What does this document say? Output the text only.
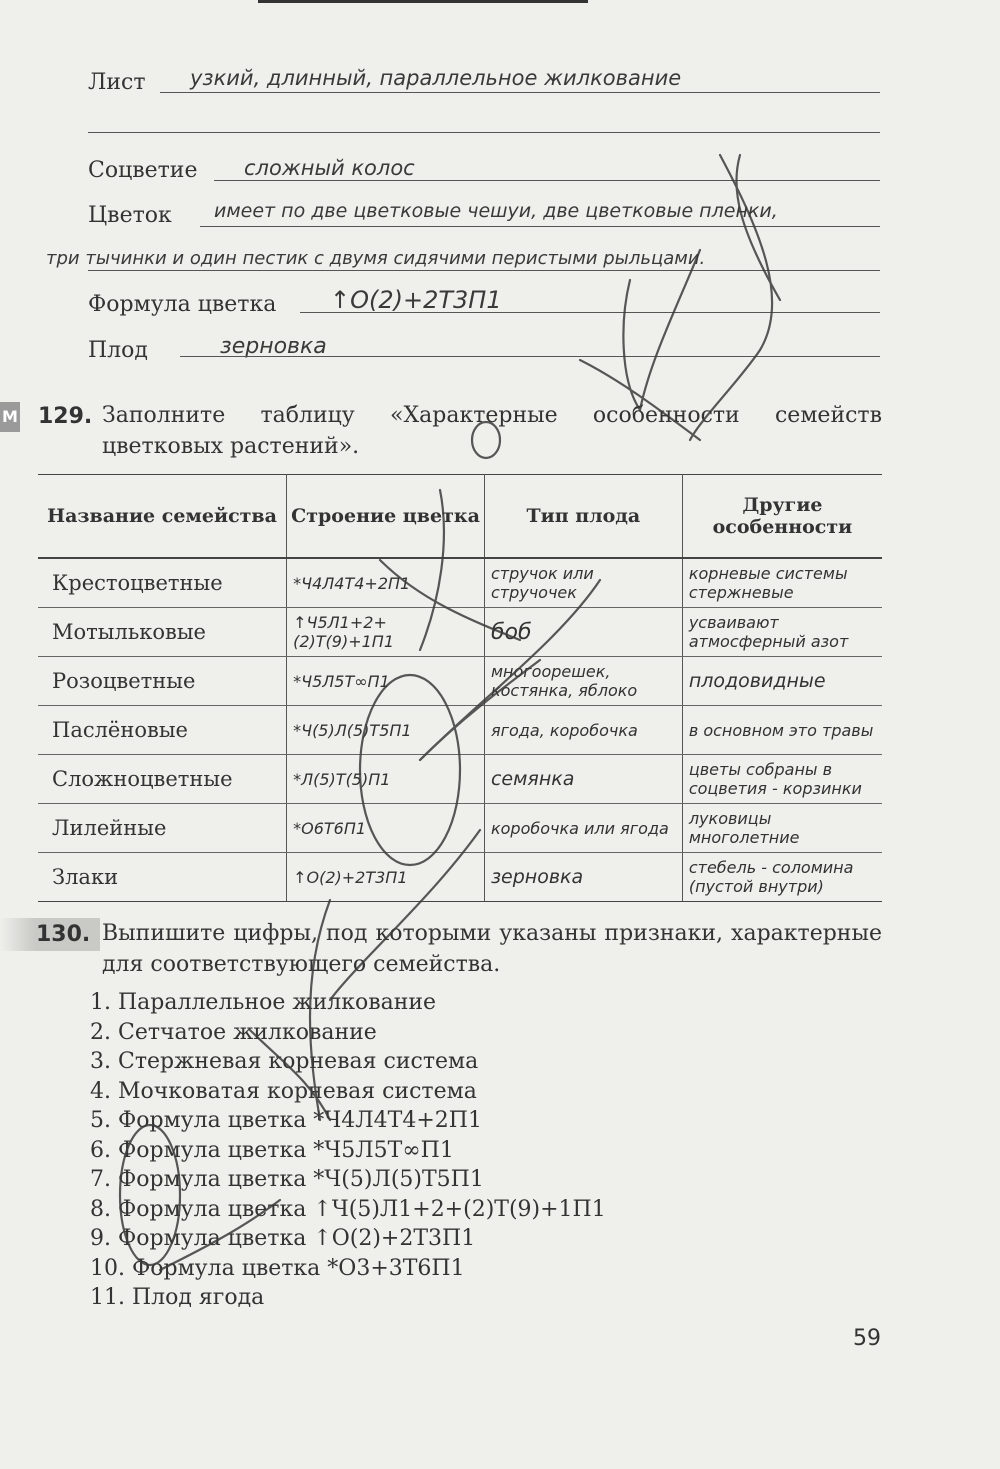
Лист узкий, длинный, параллельное жилкование
Соцветие сложный колос
Цветок имеет по две цветковые чешуи, две цветковые пленки,
три тычинки и один пестик с двумя сидячими перистыми рыльцами.
Формула цветка ↑О(2)+2Т3П1
Плод	зерновка
М 129. Заполните таблицу «Характерные особенности семейств цветковых растений».
Название семейства	Строение цветка	Тип плода	Другие особенности
Крестоцветные	*Ч4Л4Т4+2П1	стручок или стручочек	корневые системы стержневые
Мотыльковые	↑Ч5Л1+2+(2)Т(9)+1П1	боб	усваивают атмосферный азот
Розоцветные	*Ч5Л5Т∞П1	многоорешек, костянка, яблоко	плодовидные
Паслёновые	*Ч(5)Л(5)Т5П1	ягода, коробочка	в основном это травы
Сложноцветные	*Л(5)Т(5)П1	семянка	цветы собраны в соцветия - корзинки
Лилейные	*О6Т6П1	коробочка или ягода	луковицы многолетние
Злаки	↑О(2)+2Т3П1	зерновка	стебель - соломина (пустой внутри)
130. Выпишите цифры, под которыми указаны признаки, характерные для соответствующего семейства.
1. Параллельное жилкование
2. Сетчатое жилкование
3. Стержневая корневая система
4. Мочковатая корневая система
5. Формула цветка *Ч4Л4Т4+2П1
6. Формула цветка *Ч5Л5Т∞П1
7. Формула цветка *Ч(5)Л(5)Т5П1
8. Формула цветка ↑Ч(5)Л1+2+(2)Т(9)+1П1
9. Формула цветка ↑О(2)+2Т3П1
10. Формула цветка *О3+3Т6П1
11. Плод ягода
59
